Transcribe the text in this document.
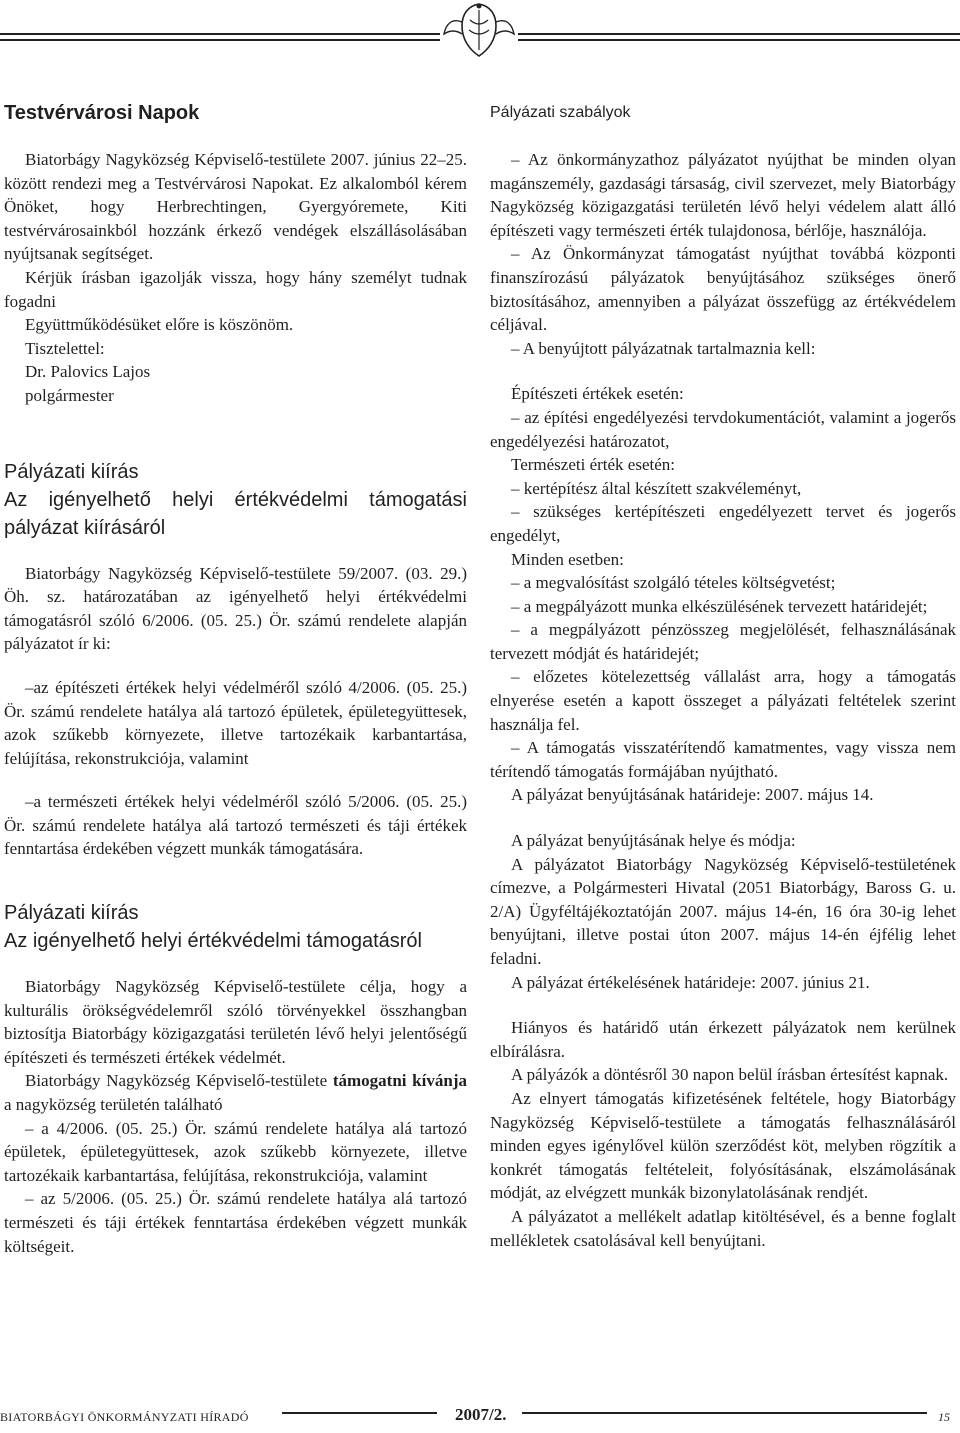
Testvérvárosi Napok

Biatorbágy Nagyközség Képviselő-testülete 2007. június 22–25. között rendezi meg a Testvérvárosi Napokat. Ez alkalomból kérem Önöket, hogy Herbrechtingen, Gyergyóremete, Kiti testvérvárosainkból hozzánk érkező vendégek elszállásolásában nyújtsanak segítséget.

Kérjük írásban igazolják vissza, hogy hány személyt tudnak fogadni

Együttműködésüket előre is köszönöm.

Tisztelettel:

Dr. Palovics Lajos

polgármester

Pályázati kiírás

Az igényelhető helyi értékvédelmi támogatási pályázat kiírásáról

Biatorbágy Nagyközség Képviselő-testülete 59/2007. (03. 29.) Öh. sz. határozatában az igényelhető helyi értékvédelmi támogatásról szóló 6/2006. (05. 25.) Ör. számú rendelete alapján pályázatot ír ki:

–az építészeti értékek helyi védelméről szóló 4/2006. (05. 25.) Ör. számú rendelete hatálya alá tartozó épületek, épületegyüttesek, azok szűkebb környezete, illetve tartozékaik karbantartása, felújítása, rekonstrukciója, valamint

–a természeti értékek helyi védelméről szóló 5/2006. (05. 25.) Ör. számú rendelete hatálya alá tartozó természeti és táji értékek fenntartása érdekében végzett munkák támogatására.

Pályázati kiírás

Az igényelhető helyi értékvédelmi támogatásról

Biatorbágy Nagyközség Képviselő-testülete célja, hogy a kulturális örökségvédelemről szóló törvényekkel összhangban biztosítja Biatorbágy közigazgatási területén lévő helyi jelentőségű építészeti és természeti értékek védelmét.

Biatorbágy Nagyközség Képviselő-testülete támogatni kívánja a nagyközség területén található

– a 4/2006. (05. 25.) Ör. számú rendelete hatálya alá tartozó épületek, épületegyüttesek, azok szűkebb környezete, illetve tartozékaik karbantartása, felújítása, rekonstrukciója, valamint

– az 5/2006. (05. 25.) Ör. számú rendelete hatálya alá tartozó természeti és táji értékek fenntartása érdekében végzett munkák költségeit.

Pályázati szabályok

– Az önkormányzathoz pályázatot nyújthat be minden olyan magánszemély, gazdasági társaság, civil szervezet, mely Biatorbágy Nagyközség közigazgatási területén lévő helyi védelem alatt álló építészeti vagy természeti érték tulajdonosa, bérlője, használója.

– Az Önkormányzat támogatást nyújthat továbbá központi finanszírozású pályázatok benyújtásához szükséges önerő biztosításához, amennyiben a pályázat összefügg az értékvédelem céljával.

– A benyújtott pályázatnak tartalmaznia kell:

Építészeti értékek esetén:

– az építési engedélyezési tervdokumentációt, valamint a jogerős engedélyezési határozatot,

Természeti érték esetén:

– kertépítész által készített szakvéleményt,

– szükséges kertépítészeti engedélyezett tervet és jogerős engedélyt,

Minden esetben:

– a megvalósítást szolgáló tételes költségvetést;

– a megpályázott munka elkészülésének tervezett határidejét;

– a megpályázott pénzösszeg megjelölését, felhasználásának tervezett módját és határidejét;

– előzetes kötelezettség vállalást arra, hogy a támogatás elnyerése esetén a kapott összeget a pályázati feltételek szerint használja fel.

– A támogatás visszatérítendő kamatmentes, vagy vissza nem térítendő támogatás formájában nyújtható.

A pályázat benyújtásának határideje: 2007. május 14.

A pályázat benyújtásának helye és módja:

A pályázatot Biatorbágy Nagyközség Képviselő-testületének címezve, a Polgármesteri Hivatal (2051 Biatorbágy, Baross G. u. 2/A) Ügyféltájékoztatóján 2007. május 14-én, 16 óra 30-ig lehet benyújtani, illetve postai úton 2007. május 14-én éjfélig lehet feladni.

A pályázat értékelésének határideje: 2007. június 21.

Hiányos és határidő után érkezett pályázatok nem kerülnek elbírálásra.

A pályázók a döntésről 30 napon belül írásban értesítést kapnak.

Az elnyert támogatás kifizetésének feltétele, hogy Biatorbágy Nagyközség Képviselő-testülete a támogatás felhasználásáról minden egyes igénylővel külön szerződést köt, melyben rögzítik a konkrét támogatás feltételeit, folyósításának, elszámolásának módját, az elvégzett munkák bizonylatolásának rendjét.

A pályázatot a mellékelt adatlap kitöltésével, és a benne foglalt mellékletek csatolásával kell benyújtani.

BIATORBÁGYI ÖNKORMÁNYZATI HÍRADÓ	2007/2.	15
